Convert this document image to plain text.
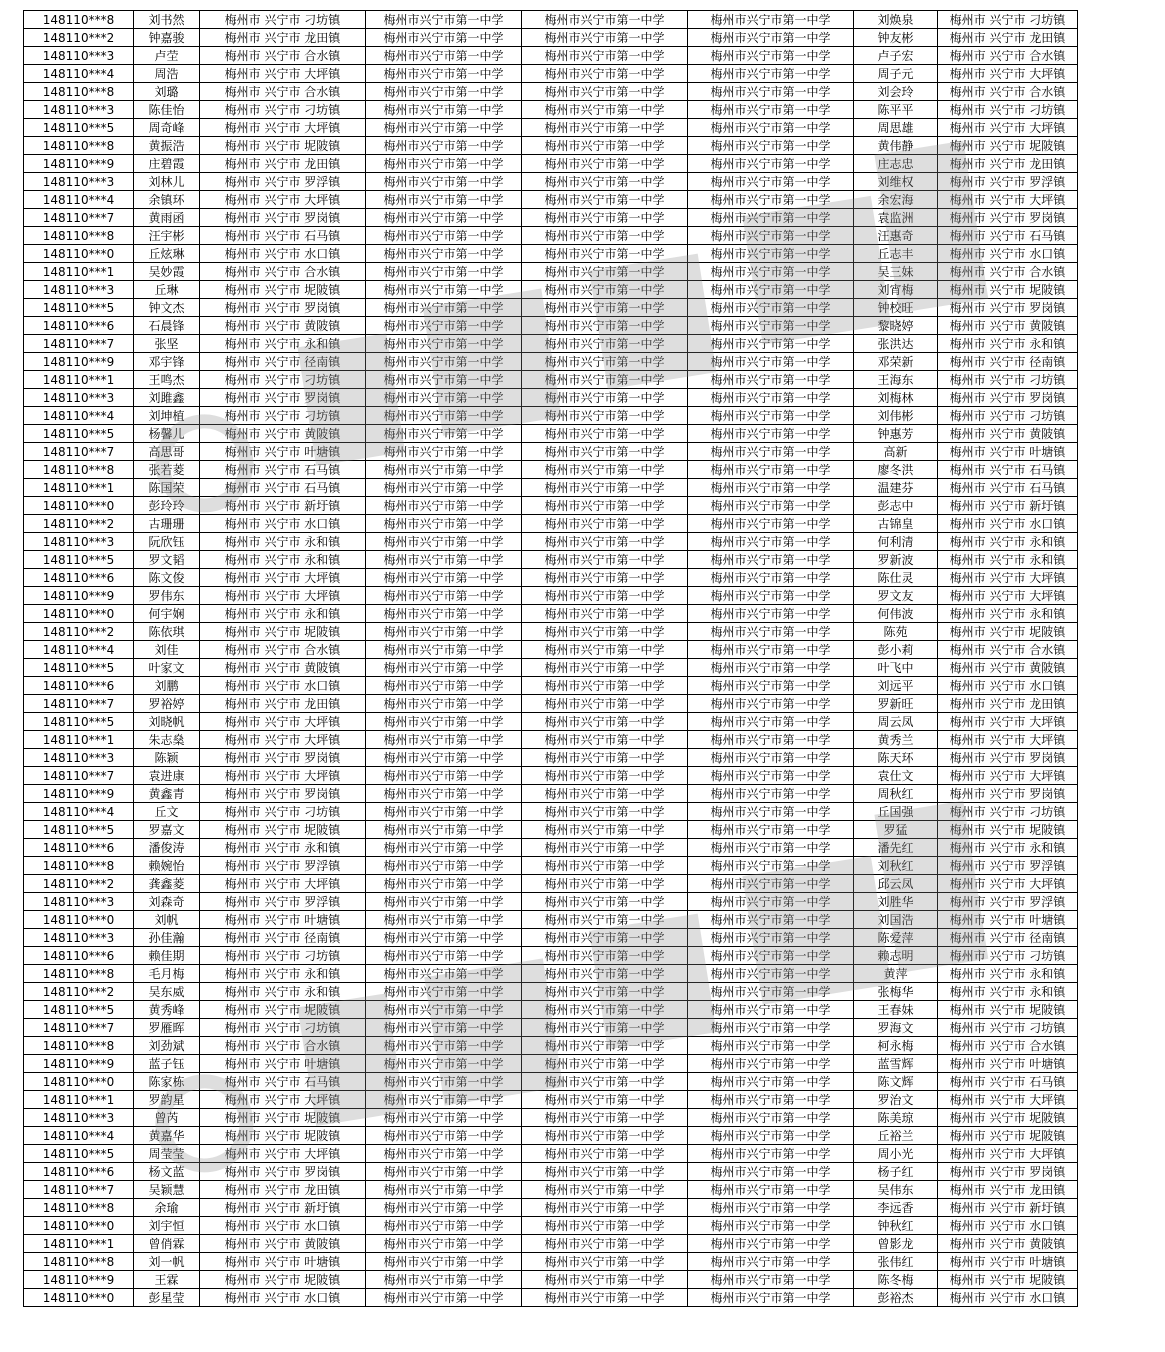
148110***8	刘书然	梅州市 兴宁市 刁坊镇	梅州市兴宁市第一中学	梅州市兴宁市第一中学	梅州市兴宁市第一中学	刘焕泉	梅州市 兴宁市 刁坊镇
148110***2	钟嘉骏	梅州市 兴宁市 龙田镇	梅州市兴宁市第一中学	梅州市兴宁市第一中学	梅州市兴宁市第一中学	钟友彬	梅州市 兴宁市 龙田镇
148110***3	卢茔	梅州市 兴宁市 合水镇	梅州市兴宁市第一中学	梅州市兴宁市第一中学	梅州市兴宁市第一中学	卢子宏	梅州市 兴宁市 合水镇
148110***4	周浩	梅州市 兴宁市 大坪镇	梅州市兴宁市第一中学	梅州市兴宁市第一中学	梅州市兴宁市第一中学	周子元	梅州市 兴宁市 大坪镇
148110***8	刘璐	梅州市 兴宁市 合水镇	梅州市兴宁市第一中学	梅州市兴宁市第一中学	梅州市兴宁市第一中学	刘会玲	梅州市 兴宁市 合水镇
148110***3	陈佳怡	梅州市 兴宁市 刁坊镇	梅州市兴宁市第一中学	梅州市兴宁市第一中学	梅州市兴宁市第一中学	陈平平	梅州市 兴宁市 刁坊镇
148110***5	周奇峰	梅州市 兴宁市 大坪镇	梅州市兴宁市第一中学	梅州市兴宁市第一中学	梅州市兴宁市第一中学	周思雄	梅州市 兴宁市 大坪镇
148110***8	黄振浩	梅州市 兴宁市 坭陂镇	梅州市兴宁市第一中学	梅州市兴宁市第一中学	梅州市兴宁市第一中学	黄伟静	梅州市 兴宁市 坭陂镇
148110***9	庄碧霞	梅州市 兴宁市 龙田镇	梅州市兴宁市第一中学	梅州市兴宁市第一中学	梅州市兴宁市第一中学	庄志忠	梅州市 兴宁市 龙田镇
148110***3	刘林儿	梅州市 兴宁市 罗浮镇	梅州市兴宁市第一中学	梅州市兴宁市第一中学	梅州市兴宁市第一中学	刘维权	梅州市 兴宁市 罗浮镇
148110***4	余镇环	梅州市 兴宁市 大坪镇	梅州市兴宁市第一中学	梅州市兴宁市第一中学	梅州市兴宁市第一中学	余宏海	梅州市 兴宁市 大坪镇
148110***7	黄雨函	梅州市 兴宁市 罗岗镇	梅州市兴宁市第一中学	梅州市兴宁市第一中学	梅州市兴宁市第一中学	袁监洲	梅州市 兴宁市 罗岗镇
148110***8	汪宇彬	梅州市 兴宁市 石马镇	梅州市兴宁市第一中学	梅州市兴宁市第一中学	梅州市兴宁市第一中学	汪惠奇	梅州市 兴宁市 石马镇
148110***0	丘炫琳	梅州市 兴宁市 水口镇	梅州市兴宁市第一中学	梅州市兴宁市第一中学	梅州市兴宁市第一中学	丘志丰	梅州市 兴宁市 水口镇
148110***1	吴妙霞	梅州市 兴宁市 合水镇	梅州市兴宁市第一中学	梅州市兴宁市第一中学	梅州市兴宁市第一中学	吴三妹	梅州市 兴宁市 合水镇
148110***3	丘琳	梅州市 兴宁市 坭陂镇	梅州市兴宁市第一中学	梅州市兴宁市第一中学	梅州市兴宁市第一中学	刘宵梅	梅州市 兴宁市 坭陂镇
148110***5	钟文杰	梅州市 兴宁市 罗岗镇	梅州市兴宁市第一中学	梅州市兴宁市第一中学	梅州市兴宁市第一中学	钟校旺	梅州市 兴宁市 罗岗镇
148110***6	石晨锋	梅州市 兴宁市 黄陂镇	梅州市兴宁市第一中学	梅州市兴宁市第一中学	梅州市兴宁市第一中学	黎晓婷	梅州市 兴宁市 黄陂镇
148110***7	张坚	梅州市 兴宁市 永和镇	梅州市兴宁市第一中学	梅州市兴宁市第一中学	梅州市兴宁市第一中学	张洪达	梅州市 兴宁市 永和镇
148110***9	邓宇锋	梅州市 兴宁市 径南镇	梅州市兴宁市第一中学	梅州市兴宁市第一中学	梅州市兴宁市第一中学	邓荣新	梅州市 兴宁市 径南镇
148110***1	王鸣杰	梅州市 兴宁市 刁坊镇	梅州市兴宁市第一中学	梅州市兴宁市第一中学	梅州市兴宁市第一中学	王海东	梅州市 兴宁市 刁坊镇
148110***3	刘雎鑫	梅州市 兴宁市 罗岗镇	梅州市兴宁市第一中学	梅州市兴宁市第一中学	梅州市兴宁市第一中学	刘梅林	梅州市 兴宁市 罗岗镇
148110***4	刘坤植	梅州市 兴宁市 刁坊镇	梅州市兴宁市第一中学	梅州市兴宁市第一中学	梅州市兴宁市第一中学	刘伟彬	梅州市 兴宁市 刁坊镇
148110***5	杨馨儿	梅州市 兴宁市 黄陂镇	梅州市兴宁市第一中学	梅州市兴宁市第一中学	梅州市兴宁市第一中学	钟惠芳	梅州市 兴宁市 黄陂镇
148110***7	高思哥	梅州市 兴宁市 叶塘镇	梅州市兴宁市第一中学	梅州市兴宁市第一中学	梅州市兴宁市第一中学	高新	梅州市 兴宁市 叶塘镇
148110***8	张若菱	梅州市 兴宁市 石马镇	梅州市兴宁市第一中学	梅州市兴宁市第一中学	梅州市兴宁市第一中学	廖冬洪	梅州市 兴宁市 石马镇
148110***1	陈国荣	梅州市 兴宁市 石马镇	梅州市兴宁市第一中学	梅州市兴宁市第一中学	梅州市兴宁市第一中学	温建芬	梅州市 兴宁市 石马镇
148110***0	彭玲玲	梅州市 兴宁市 新圩镇	梅州市兴宁市第一中学	梅州市兴宁市第一中学	梅州市兴宁市第一中学	彭志中	梅州市 兴宁市 新圩镇
148110***2	古珊珊	梅州市 兴宁市 水口镇	梅州市兴宁市第一中学	梅州市兴宁市第一中学	梅州市兴宁市第一中学	古锦皇	梅州市 兴宁市 水口镇
148110***3	阮欣钰	梅州市 兴宁市 永和镇	梅州市兴宁市第一中学	梅州市兴宁市第一中学	梅州市兴宁市第一中学	何利清	梅州市 兴宁市 永和镇
148110***5	罗文韬	梅州市 兴宁市 永和镇	梅州市兴宁市第一中学	梅州市兴宁市第一中学	梅州市兴宁市第一中学	罗新波	梅州市 兴宁市 永和镇
148110***6	陈文俊	梅州市 兴宁市 大坪镇	梅州市兴宁市第一中学	梅州市兴宁市第一中学	梅州市兴宁市第一中学	陈仕灵	梅州市 兴宁市 大坪镇
148110***9	罗伟东	梅州市 兴宁市 大坪镇	梅州市兴宁市第一中学	梅州市兴宁市第一中学	梅州市兴宁市第一中学	罗文友	梅州市 兴宁市 大坪镇
148110***0	何宇娴	梅州市 兴宁市 永和镇	梅州市兴宁市第一中学	梅州市兴宁市第一中学	梅州市兴宁市第一中学	何伟波	梅州市 兴宁市 永和镇
148110***2	陈依琪	梅州市 兴宁市 坭陂镇	梅州市兴宁市第一中学	梅州市兴宁市第一中学	梅州市兴宁市第一中学	陈苑	梅州市 兴宁市 坭陂镇
148110***4	刘佳	梅州市 兴宁市 合水镇	梅州市兴宁市第一中学	梅州市兴宁市第一中学	梅州市兴宁市第一中学	彭小莉	梅州市 兴宁市 合水镇
148110***5	叶家文	梅州市 兴宁市 黄陂镇	梅州市兴宁市第一中学	梅州市兴宁市第一中学	梅州市兴宁市第一中学	叶飞中	梅州市 兴宁市 黄陂镇
148110***6	刘鹏	梅州市 兴宁市 水口镇	梅州市兴宁市第一中学	梅州市兴宁市第一中学	梅州市兴宁市第一中学	刘远平	梅州市 兴宁市 水口镇
148110***7	罗裕婷	梅州市 兴宁市 龙田镇	梅州市兴宁市第一中学	梅州市兴宁市第一中学	梅州市兴宁市第一中学	罗新旺	梅州市 兴宁市 龙田镇
148110***5	刘晓帆	梅州市 兴宁市 大坪镇	梅州市兴宁市第一中学	梅州市兴宁市第一中学	梅州市兴宁市第一中学	周云凤	梅州市 兴宁市 大坪镇
148110***1	朱志燊	梅州市 兴宁市 大坪镇	梅州市兴宁市第一中学	梅州市兴宁市第一中学	梅州市兴宁市第一中学	黄秀兰	梅州市 兴宁市 大坪镇
148110***3	陈颖	梅州市 兴宁市 罗岗镇	梅州市兴宁市第一中学	梅州市兴宁市第一中学	梅州市兴宁市第一中学	陈天环	梅州市 兴宁市 罗岗镇
148110***7	袁进康	梅州市 兴宁市 大坪镇	梅州市兴宁市第一中学	梅州市兴宁市第一中学	梅州市兴宁市第一中学	袁仕文	梅州市 兴宁市 大坪镇
148110***9	黄鑫青	梅州市 兴宁市 罗岗镇	梅州市兴宁市第一中学	梅州市兴宁市第一中学	梅州市兴宁市第一中学	周秋红	梅州市 兴宁市 罗岗镇
148110***4	丘文	梅州市 兴宁市 刁坊镇	梅州市兴宁市第一中学	梅州市兴宁市第一中学	梅州市兴宁市第一中学	丘国强	梅州市 兴宁市 刁坊镇
148110***5	罗嘉文	梅州市 兴宁市 坭陂镇	梅州市兴宁市第一中学	梅州市兴宁市第一中学	梅州市兴宁市第一中学	罗猛	梅州市 兴宁市 坭陂镇
148110***6	潘俊涛	梅州市 兴宁市 永和镇	梅州市兴宁市第一中学	梅州市兴宁市第一中学	梅州市兴宁市第一中学	潘先红	梅州市 兴宁市 永和镇
148110***8	赖婉怡	梅州市 兴宁市 罗浮镇	梅州市兴宁市第一中学	梅州市兴宁市第一中学	梅州市兴宁市第一中学	刘秋红	梅州市 兴宁市 罗浮镇
148110***2	龚鑫菱	梅州市 兴宁市 大坪镇	梅州市兴宁市第一中学	梅州市兴宁市第一中学	梅州市兴宁市第一中学	邱云凤	梅州市 兴宁市 大坪镇
148110***3	刘森奇	梅州市 兴宁市 罗浮镇	梅州市兴宁市第一中学	梅州市兴宁市第一中学	梅州市兴宁市第一中学	刘胜华	梅州市 兴宁市 罗浮镇
148110***0	刘帆	梅州市 兴宁市 叶塘镇	梅州市兴宁市第一中学	梅州市兴宁市第一中学	梅州市兴宁市第一中学	刘国浩	梅州市 兴宁市 叶塘镇
148110***3	孙佳瀚	梅州市 兴宁市 径南镇	梅州市兴宁市第一中学	梅州市兴宁市第一中学	梅州市兴宁市第一中学	陈爱萍	梅州市 兴宁市 径南镇
148110***6	赖佳期	梅州市 兴宁市 刁坊镇	梅州市兴宁市第一中学	梅州市兴宁市第一中学	梅州市兴宁市第一中学	赖志明	梅州市 兴宁市 刁坊镇
148110***8	毛月梅	梅州市 兴宁市 永和镇	梅州市兴宁市第一中学	梅州市兴宁市第一中学	梅州市兴宁市第一中学	黄萍	梅州市 兴宁市 永和镇
148110***2	吴东威	梅州市 兴宁市 永和镇	梅州市兴宁市第一中学	梅州市兴宁市第一中学	梅州市兴宁市第一中学	张梅华	梅州市 兴宁市 永和镇
148110***5	黄秀峰	梅州市 兴宁市 坭陂镇	梅州市兴宁市第一中学	梅州市兴宁市第一中学	梅州市兴宁市第一中学	王春妹	梅州市 兴宁市 坭陂镇
148110***7	罗雁晖	梅州市 兴宁市 刁坊镇	梅州市兴宁市第一中学	梅州市兴宁市第一中学	梅州市兴宁市第一中学	罗海文	梅州市 兴宁市 刁坊镇
148110***8	刘劲斌	梅州市 兴宁市 合水镇	梅州市兴宁市第一中学	梅州市兴宁市第一中学	梅州市兴宁市第一中学	柯永梅	梅州市 兴宁市 合水镇
148110***9	蓝子钰	梅州市 兴宁市 叶塘镇	梅州市兴宁市第一中学	梅州市兴宁市第一中学	梅州市兴宁市第一中学	蓝雪辉	梅州市 兴宁市 叶塘镇
148110***0	陈家栋	梅州市 兴宁市 石马镇	梅州市兴宁市第一中学	梅州市兴宁市第一中学	梅州市兴宁市第一中学	陈文辉	梅州市 兴宁市 石马镇
148110***1	罗韵星	梅州市 兴宁市 大坪镇	梅州市兴宁市第一中学	梅州市兴宁市第一中学	梅州市兴宁市第一中学	罗治文	梅州市 兴宁市 大坪镇
148110***3	曾芮	梅州市 兴宁市 坭陂镇	梅州市兴宁市第一中学	梅州市兴宁市第一中学	梅州市兴宁市第一中学	陈美琼	梅州市 兴宁市 坭陂镇
148110***4	黄嘉华	梅州市 兴宁市 坭陂镇	梅州市兴宁市第一中学	梅州市兴宁市第一中学	梅州市兴宁市第一中学	丘裕兰	梅州市 兴宁市 坭陂镇
148110***5	周莹莹	梅州市 兴宁市 大坪镇	梅州市兴宁市第一中学	梅州市兴宁市第一中学	梅州市兴宁市第一中学	周小光	梅州市 兴宁市 大坪镇
148110***6	杨文蓝	梅州市 兴宁市 罗岗镇	梅州市兴宁市第一中学	梅州市兴宁市第一中学	梅州市兴宁市第一中学	杨子红	梅州市 兴宁市 罗岗镇
148110***7	吴颖慧	梅州市 兴宁市 龙田镇	梅州市兴宁市第一中学	梅州市兴宁市第一中学	梅州市兴宁市第一中学	吴伟东	梅州市 兴宁市 龙田镇
148110***8	余瑜	梅州市 兴宁市 新圩镇	梅州市兴宁市第一中学	梅州市兴宁市第一中学	梅州市兴宁市第一中学	李远香	梅州市 兴宁市 新圩镇
148110***0	刘宇恒	梅州市 兴宁市 水口镇	梅州市兴宁市第一中学	梅州市兴宁市第一中学	梅州市兴宁市第一中学	钟秋红	梅州市 兴宁市 水口镇
148110***1	曾俏霖	梅州市 兴宁市 黄陂镇	梅州市兴宁市第一中学	梅州市兴宁市第一中学	梅州市兴宁市第一中学	曾影龙	梅州市 兴宁市 黄陂镇
148110***8	刘一帆	梅州市 兴宁市 叶塘镇	梅州市兴宁市第一中学	梅州市兴宁市第一中学	梅州市兴宁市第一中学	张伟红	梅州市 兴宁市 叶塘镇
148110***9	王霖	梅州市 兴宁市 坭陂镇	梅州市兴宁市第一中学	梅州市兴宁市第一中学	梅州市兴宁市第一中学	陈冬梅	梅州市 兴宁市 坭陂镇
148110***0	彭星莹	梅州市 兴宁市 水口镇	梅州市兴宁市第一中学	梅州市兴宁市第一中学	梅州市兴宁市第一中学	彭裕杰	梅州市 兴宁市 水口镇
